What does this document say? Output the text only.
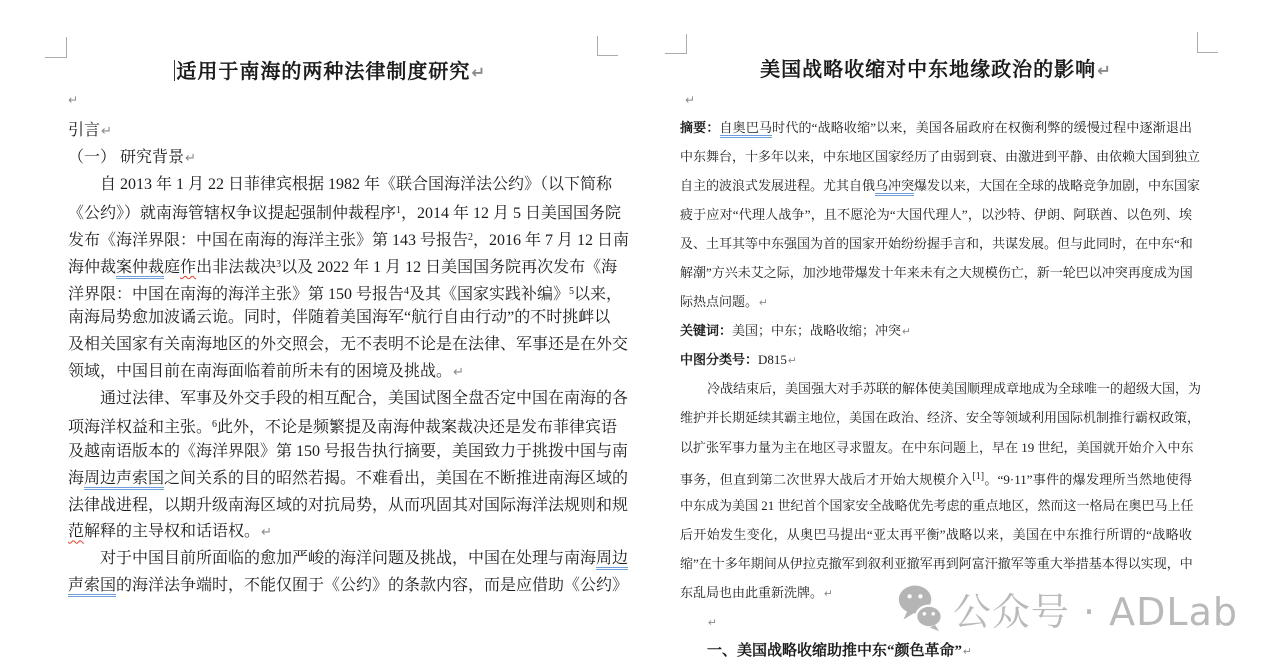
适用于南海的两种法律制度研究↵
↵
引言↵
（一） 研究背景↵
自 2013 年 1 月 22 日菲律宾根据 1982 年《联合国海洋法公约》（以下简称
《公约》）就南海管辖权争议提起强制仲裁程序$^1$，2014 年 12 月 5 日美国国务院
发布《海洋界限：中国在南海的海洋主张》第 143 号报告$^2$，2016 年 7 月 12 日南
海仲裁案仲裁庭作出非法裁决$^3$以及 2022 年 1 月 12 日美国国务院再次发布《海
洋界限：中国在南海的海洋主张》第 150 号报告$^4$及其《国家实践补编》$^5$以来，
南海局势愈加波谲云诡。同时，伴随着美国海军“航行自由行动”的不时挑衅以
及相关国家有关南海地区的外交照会，无不表明不论是在法律、军事还是在外交
领域，中国目前在南海面临着前所未有的困境及挑战。↵
通过法律、军事及外交手段的相互配合，美国试图全盘否定中国在南海的各
项海洋权益和主张。$^6$此外，不论是频繁提及南海仲裁案裁决还是发布菲律宾语
及越南语版本的《海洋界限》第 150 号报告执行摘要，美国致力于挑拨中国与南
海周边声索国之间关系的目的昭然若揭。不难看出，美国在不断推进南海区域的
法律战进程，以期升级南海区域的对抗局势，从而巩固其对国际海洋法规则和规
范解释的主导权和话语权。↵
对于中国目前所面临的愈加严峻的海洋问题及挑战，中国在处理与南海周边
声索国的海洋法争端时，不能仅囿于《公约》的条款内容，而是应借助《公约》
美国战略收缩对中东地缘政治的影响↵
↵
摘要：自奥巴马时代的“战略收缩”以来，美国各届政府在权衡利弊的缓慢过程中逐渐退出
中东舞台，十多年以来，中东地区国家经历了由弱到衰、由激进到平静、由依赖大国到独立
自主的波浪式发展进程。尤其自俄乌冲突爆发以来，大国在全球的战略竞争加剧，中东国家
疲于应对“代理人战争”，且不愿沦为“大国代理人”，以沙特、伊朗、阿联酋、以色列、埃
及、土耳其等中东强国为首的国家开始纷纷握手言和，共谋发展。但与此同时，在中东“和
解潮”方兴未艾之际，加沙地带爆发十年来未有之大规模伤亡，新一轮巴以冲突再度成为国
际热点问题。↵
关键词：美国；中东；战略收缩；冲突↵
中图分类号：D815↵
冷战结束后，美国强大对手苏联的解体使美国顺理成章地成为全球唯一的超级大国，为
维护并长期延续其霸主地位，美国在政治、经济、安全等领域利用国际机制推行霸权政策，
以扩张军事力量为主在地区寻求盟友。在中东问题上，早在 19 世纪，美国就开始介入中东
事务，但直到第二次世界大战后才开始大规模介入[1]。“9·11”事件的爆发理所当然地使得
中东成为美国 21 世纪首个国家安全战略优先考虑的重点地区，然而这一格局在奥巴马上任
后开始发生变化，从奥巴马提出“亚太再平衡”战略以来，美国在中东推行所谓的“战略收
缩”在十多年期间从伊拉克撤军到叙利亚撤军再到阿富汗撤军等重大举措基本得以实现，中
东乱局也由此重新洗牌。↵
↵
一、美国战略收缩助推中东“颜色革命”↵
公众号 · ADLab
